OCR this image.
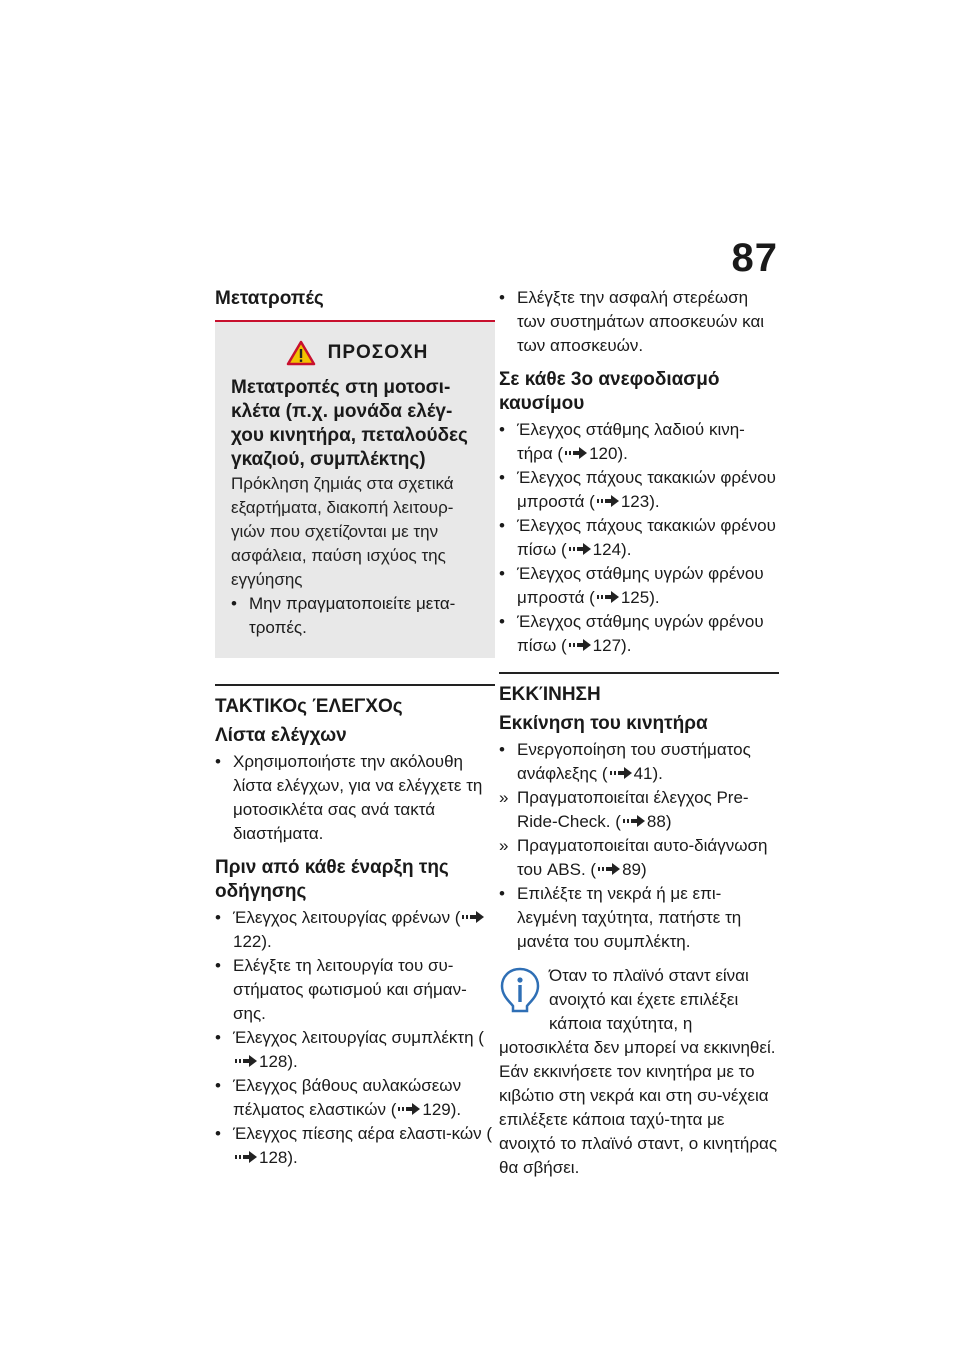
87
Μετατροπές
ΠΡΟΣΟΧΗ
Μετατροπές στη μοτοσι-κλέτα (π.χ. μονάδα ελέγ-χου κινητήρα, πεταλούδες γκαζιού, συμπλέκτης)
Πρόκληση ζημιάς στα σχετικά εξαρτήματα, διακοπή λειτουρ-γιών που σχετίζονται με την ασφάλεια, παύση ισχύος της εγγύησης
• Μην πραγματοποιείτε μετα-τροπές.
ΤΑΚΤΙΚΟς ΈΛΕΓΧΟς
Λίστα ελέγχων
• Χρησιμοποιήστε την ακόλουθη λίστα ελέγχων, για να ελέγχετε τη μοτοσικλέτα σας ανά τακτά διαστήματα.
Πριν από κάθε έναρξη της οδήγησης
• Έλεγχος λειτουργίας φρένων (122).
• Ελέγξτε τη λειτουργία του συ-στήματος φωτισμού και σήμαν-σης.
• Έλεγχος λειτουργίας συμπλέκτη (128).
• Έλεγχος βάθους αυλακώσεων πέλματος ελαστικών ( 129).
• Έλεγχος πίεσης αέρα ελαστι-κών (128).
• Ελέγξτε την ασφαλή στερέωση των συστημάτων αποσκευών και των αποσκευών.
Σε κάθε 3ο ανεφοδιασμό καυσίμου
• Έλεγχος στάθμης λαδιού κινη-τήρα ( 120).
• Έλεγχος πάχους τακακιών φρένου μπροστά ( 123).
• Έλεγχος πάχους τακακιών φρένου πίσω ( 124).
• Έλεγχος στάθμης υγρών φρένου μπροστά ( 125).
• Έλεγχος στάθμης υγρών φρένου πίσω ( 127).
ΕΚΚΊΝΗΣΗ
Εκκίνηση του κινητήρα
• Ενεργοποίηση του συστήματος ανάφλεξης ( 41).
» Πραγματοποιείται έλεγχος Pre-Ride-Check. ( 88)
» Πραγματοποιείται αυτο-διάγνωση του ABS. ( 89)
• Επιλέξτε τη νεκρά ή με επι-λεγμένη ταχύτητα, πατήστε τη μανέτα του συμπλέκτη.
Όταν το πλαϊνό σταντ είναι ανοιχτό και έχετε επιλέξει κάποια ταχύτητα, η μοτοσικλέτα δεν μπορεί να εκκινηθεί. Εάν εκκινήσετε τον κινητήρα με το κιβώτιο στη νεκρά και στη συ-νέχεια επιλέξετε κάποια ταχύ-τητα με ανοιχτό το πλαϊνό σταντ, ο κινητήρας θα σβήσει.
